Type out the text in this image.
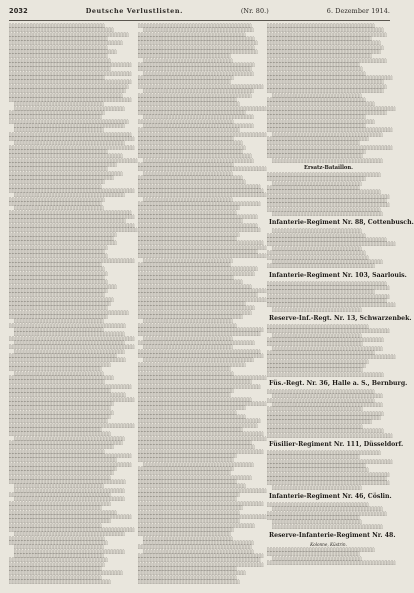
2032	Deutsche Verlustlisten.	(Nr. 80.)	6. Dezember 1914.
░░░░░░░░░░░░░░░░░░░░░░░░░░░░░░░░
░░░░░░░░░░░░░░░░░░░░░░░░░░░░░░░░░░░
░░░░░░░░░░░░░░░░░░░░░░░░░░░░░░░░░░░░░░░░
░░░░░░░░░░░░░░░░░░░░░░░░░░░░░░░░░
░░░░░░░░░░░░░░░░░░░░░░░░░░░░░░░░░░░░░░
░░░░░░░░░░░░░░░░░░░░░░░░░░░░░░░░░
░░░░░░░░░░░░░░░░░░░░░░░░░░░░░░░░░░░░
░░░░░░░░░░░░░░░░░░░░░░░░░░░░░░░░░
░░░░░░░░░░░░░░░░░░░░░░░░░░░░░░░░░░
░░░░░░░░░░░░░░░░░░░░░░░░░░░░░░░░░░░░░░░░░
░░░░░░░░░░░░░░░░░░░░░░░░░░░░░░░░░░
░░░░░░░░░░░░░░░░░░░░░░░░░░░░░░░░░░░░░░░░░
░░░░░░░░░░░░░░░░░░░░░░░░░░░░░░░░
░░░░░░░░░░░░░░░░░░░░░░░░░░░░░░░░░░░░░░░░░
░░░░░░░░░░░░░░░░░░░░░░░░░░░░░░░░░░░░░░░░
░░░░░░░░░░░░░░░░░░░░░░░░░░░░░░░░░░░░░░░
░░░░░░░░░░░░░░░░░░░░░░░░░░░░░░░░░░░░░░
░░░░░░░░░░░░░░░░░░░░░░░░░░░░░░░░░░░░░░░░░
░░░░░░░░░░░░░░░░░░░░░░░░░░░░░░
░░░░░░░░░░░░░░░░░░░░░░░░░░░░░░░░░░░░░
░░░░░░░░░░░░░░░░░░░░░░░░░░░░░░░░
░░░░░░░░░░░░░░░░░░░░░░░░░░░░░░░
░░░░░░░░░░░░░░░░░░░░░░░░░░░░░░░░░░░░░░░░
░░░░░░░░░░░░░░░░░░░░░░░░░░░░░░░░░░░░░
░░░░░░░░░░░░░░░░░░░░░░░░░░░░░░
░░░░░░░░░░░░░░░░░░░░░░░░░░░░░░░░░░░░░░░░░
░░░░░░░░░░░░░░░░░░░░░░░░░░░░░░░░░░░░░░░░░░
░░░░░░░░░░░░░░░░░░░░░░░░░░░░░░░░░░░░░
░░░░░░░░░░░░░░░░░░░░░░░░░░░░░░░░░░░░░░░░░░
░░░░░░░░░░░░░░░░░░░░░░░░░░░░░░░░░
░░░░░░░░░░░░░░░░░░░░░░░░░░░░░░░░░░░░░░
░░░░░░░░░░░░░░░░░░░░░░░░░░░░░░░░░░░░░░░░░░░
░░░░░░░░░░░░░░░░░░░░░░░░░░░░░░░░░░░░
░░░░░░░░░░░░░░░░░░░░░░░░░░░░░░░░░
░░░░░░░░░░░░░░░░░░░░░░░░░░░░░░░░░░░░░░
░░░░░░░░░░░░░░░░░░░░░░░░░░░░░░░░░░░
░░░░░░░░░░░░░░░░░░░░░░░░░░░░░░░░
░░░░░░░░░░░░░░░░░░░░░░░░░░░░░░░
░░░░░░░░░░░░░░░░░░░░░░░░░░░░░░░░░░░░░░░░░░
░░░░░░░░░░░░░░░░░░░░░░░░░░░░░░░░░░░░░
░░░░░░░░░░░░░░░░░░░░░░░░░░░░░░░░
░░░░░░░░░░░░░░░░░░░░░░░░░░░░░░░
░░░░░░░░░░░░░░░░░░░░░░░░░░░░░░
░░░░░░░░░░░░░░░░░░░░░░░░░░░░░░░░░░░░░░░░░
░░░░░░░░░░░░░░░░░░░░░░░░░░░░░░░░░░░░░░░░░░
░░░░░░░░░░░░░░░░░░░░░░░░░░░░░░░░░░░░░░░
░░░░░░░░░░░░░░░░░░░░░░░░░░░░░░░░░░░░░░░░░░
░░░░░░░░░░░░░░░░░░░░░░░░░░░░░░░░░░░░░░░░░░░
░░░░░░░░░░░░░░░░░░░░░░░░░░░░░░░░░░░░
░░░░░░░░░░░░░░░░░░░░░░░░░░░░░░░░░░░
░░░░░░░░░░░░░░░░░░░░░░░░░░░░░░░░░░░░
░░░░░░░░░░░░░░░░░░░░░░░░░░░░░░░░░
░░░░░░░░░░░░░░░░░░░░░░░░░░░░░░░░
░░░░░░░░░░░░░░░░░░░░░░░░░░░░░░░░░
░░░░░░░░░░░░░░░░░░░░░░░░░░░░░░░░░░░░░░░░░░
░░░░░░░░░░░░░░░░░░░░░░░░░░░░░░░
░░░░░░░░░░░░░░░░░░░░░░░░░░░░░░░░
░░░░░░░░░░░░░░░░░░░░░░░░░░░░░░░░░
░░░░░░░░░░░░░░░░░░░░░░░░░░░░░░░░
░░░░░░░░░░░░░░░░░░░░░░░░░░░░░░░░░
░░░░░░░░░░░░░░░░░░░░░░░░░░░░░░░░░░░░
░░░░░░░░░░░░░░░░░░░░░░░░░░░░░░░░░
░░░░░░░░░░░░░░░░░░░░░░░░░░░░░░░░
░░░░░░░░░░░░░░░░░░░░░░░░░░░░░░░░░░░
░░░░░░░░░░░░░░░░░░░░░░░░░░░░░░░░░░
░░░░░░░░░░░░░░░░░░░░░░░░░░░░░░░░░
░░░░░░░░░░░░░░░░░░░░░░░░░░░░░░░░░░░░░░░░
░░░░░░░░░░░░░░░░░░░░░░░░░░░░░░░░░
░░░░░░░░░░░░░░░░░░░░░░░░░░░░░░
░░░░░░░░░░░░░░░░░░░░░░░░░░░░░░░░░░░░░░░
░░░░░░░░░░░░░░░░░░░░░░░░░░░░░░
░░░░░░░░░░░░░░░░░░░░░░░░░░░░░░░░░░░░░
░░░░░░░░░░░░░░░░░░░░░░░░░░░░░░░░░░░░░░░░░░
░░░░░░░░░░░░░░░░░░░░░░░░░░░░░░░░░░░░░
░░░░░░░░░░░░░░░░░░░░░░░░░░░░░░░░░░░░░░░░░░
░░░░░░░░░░░░░░░░░░░░░░░░░░░░░░░░░░░░░
░░░░░░░░░░░░░░░░░░░░░░░░░░░░░░░░░░░░
░░░░░░░░░░░░░░░░░░░░░░░░░░░░░░░░░░░░░░░
░░░░░░░░░░░░░░░░░░░░░░░░░░░░░░░░░░
░░░░░░░░░░░░░░░░░░░░░░░░░░░░░░░
░░░░░░░░░░░░░░░░░░░░░░░░░░░░░░
░░░░░░░░░░░░░░░░░░░░░░░░░░░░░░░░░░░
░░░░░░░░░░░░░░░░░░░░░░░░░░░░░░░░
░░░░░░░░░░░░░░░░░░░░░░░░░░░░░░░░░░░░░░░░░
░░░░░░░░░░░░░░░░░░░░░░░░░░░░░░░░░░
░░░░░░░░░░░░░░░░░░░░░░░░░░░░░░░░░░░░░░░
░░░░░░░░░░░░░░░░░░░░░░░░░░░░░░░░░░░░░░░░░░
░░░░░░░░░░░░░░░░░░░░░░░░░░░░░░░░░░░
░░░░░░░░░░░░░░░░░░░░░░░░░░░░░░░░░░
░░░░░░░░░░░░░░░░░░░░░░░░░░░░░░░░░░░
░░░░░░░░░░░░░░░░░░░░░░░░░░░░░░░░░░
░░░░░░░░░░░░░░░░░░░░░░░░░░░░░░░░░
░░░░░░░░░░░░░░░░░░░░░░░░░░░░░░░░░░░░░░░░░░
░░░░░░░░░░░░░░░░░░░░░░░░░░░░░░░
░░░░░░░░░░░░░░░░░░░░░░░░░░░░░░░░░░
░░░░░░░░░░░░░░░░░░░░░░░░░░░░░░░░░░░░░
░░░░░░░░░░░░░░░░░░░░░░░░░░░░░░░░░░░░░░
░░░░░░░░░░░░░░░░░░░░░░░░░░░░░░░░░░░
░░░░░░░░░░░░░░░░░░░░░░░░░░░░░░░░
░░░░░░░░░░░░░░░░░░░░░░░░░░░░░░░░░░░░░░░░░
░░░░░░░░░░░░░░░░░░░░░░░░░░░░░░░░░░░░
░░░░░░░░░░░░░░░░░░░░░░░░░░░░░░░░░░░░░░░░░
░░░░░░░░░░░░░░░░░░░░░░░░░░░░░░░░░░░░
░░░░░░░░░░░░░░░░░░░░░░░░░░░░░░░░░░░
░░░░░░░░░░░░░░░░░░░░░░░░░░░░░░░░░░
░░░░░░░░░░░░░░░░░░░░░░░░░░░░░░░░░░░░░░░
░░░░░░░░░░░░░░░░░░░░░░░░░░░░░░
░░░░░░░░░░░░░░░░░░░░░░░░░░░░░░░░░░░░░
░░░░░░░░░░░░░░░░░░░░░░░░░░░░░░░░░░
░░░░░░░░░░░░░░░░░░░░░░░░░░░░░░░░░░░░░
░░░░░░░░░░░░░░░░░░░░░░░░░░░░░░░░░░
░░░░░░░░░░░░░░░░░░░░░░░░░░░░░░░
░░░░░░░░░░░░░░░░░░░░░░░░░░░░░░░░░░░░
░░░░░░░░░░░░░░░░░░░░░░░░░░░░░░░░░░░░░░░░░
░░░░░░░░░░░░░░░░░░░░░░░░░░░░░░░░░░
░░░░░░░░░░░░░░░░░░░░░░░░░░░░░░░
░░░░░░░░░░░░░░░░░░░░░░░░░░░░░░░░░░░░░░░░░░
░░░░░░░░░░░░░░░░░░░░░░░░░░░░░░░░░░░░░
░░░░░░░░░░░░░░░░░░░░░░░░░░░░░░░░
░░░░░░░░░░░░░░░░░░░░░░░░░░░░░░░░░
░░░░░░░░░░░░░░░░░░░░░░░░░░░░░░
░░░░░░░░░░░░░░░░░░░░░░░░░░░░░░░░░░░░░
░░░░░░░░░░░░░░░░░░░░░░░░░░░░░░
░░░░░░░░░░░░░░░░░░░░░░░░░░░░░░░░░
░░░░░░░░░░░░░░░░░░░░░░░░░░░░░░░░
░░░░░░░░░░░░░░░░░░░░░░░░░░░░░░░
░░░░░░░░░░░░░░░░░░░░░░░░░░░░░░░░░░░░░░
░░░░░░░░░░░░░░░░░░░░░░░░░░░░░░░
░░░░░░░░░░░░░░░░░░░░░░░░░░░░░░░░░░
░░░░░░░░░░░░░░░░░░░░░░░░░░░░░░░░░░░░░░
░░░░░░░░░░░░░░░░░░░░░░░░░░░░░░░░░░░░░
░░░░░░░░░░░░░░░░░░░░░░░░░░░░░░░░░░░░
░░░░░░░░░░░░░░░░░░░░░░░░░░░░░░░░░░░░░░░
░░░░░░░░░░░░░░░░░░░░░░░░░░░░░░░░░░░░░░░░
░░░░░░░░░░░░░░░░░░░░░░░░░░░░░░░░░░░░░░░
░░░░░░░░░░░░░░░░░░░░░░░░░░░░░░░░░░░░░░░░
░░░░░░░░░░░░░░░░░░░░░░░░░░░░░░░
░░░░░░░░░░░░░░░░░░░░░░░░░░░░░░
░░░░░░░░░░░░░░░░░░░░░░░░░░░░░░░░░░░░░░░
░░░░░░░░░░░░░░░░░░░░░░░░░░░░░░░░░░░░░░
░░░░░░░░░░░░░░░░░░░░░░░░░░░░░░░░░░░░░
░░░░░░░░░░░░░░░░░░░░░░░░░░░░░░░░
░░░░░░░░░░░░░░░░░░░░░░░░░░░░░░░
░░░░░░░░░░░░░░░░░░░░░░░░░░░░░░░░░░░░░░░░░░
░░░░░░░░░░░░░░░░░░░░░░░░░░░░░░░░░░░░░
░░░░░░░░░░░░░░░░░░░░░░░░░░░░░░░░░░░░░░
░░░░░░░░░░░░░░░░░░░░░░░░░░░░░░░░░
░░░░░░░░░░░░░░░░░░░░░░░░░░░░░░░░░░
░░░░░░░░░░░░░░░░░░░░░░░░░░░░░░░░░░░░░░░░░░░
░░░░░░░░░░░░░░░░░░░░░░░░░░░░░░░░░░░░
░░░░░░░░░░░░░░░░░░░░░░░░░░░░░░░░░░░░░
░░░░░░░░░░░░░░░░░░░░░░░░░░░░░░░░
░░░░░░░░░░░░░░░░░░░░░░░░░░░░░░░░░░░░░
░░░░░░░░░░░░░░░░░░░░░░░░░░░░░░░░░░
░░░░░░░░░░░░░░░░░░░░░░░░░░░░░░░░░░░░░░░░░░░
░░░░░░░░░░░░░░░░░░░░░░░░░░░░░░░░
░░░░░░░░░░░░░░░░░░░░░░░░░░░░░░░░░░░
░░░░░░░░░░░░░░░░░░░░░░░░░░░░░░░░░░░░
░░░░░░░░░░░░░░░░░░░░░░░░░░░░░░░░░░░
░░░░░░░░░░░░░░░░░░░░░░░░░░░░░░░░░░░░░░
░░░░░░░░░░░░░░░░░░░░░░░░░░░░░░░░░░░░░
░░░░░░░░░░░░░░░░░░░░░░░░░░░░░░░░
░░░░░░░░░░░░░░░░░░░░░░░░░░░░░░░░░░░░░░░░░░░
░░░░░░░░░░░░░░░░░░░░░░░░░░░░░░
░░░░░░░░░░░░░░░░░░░░░░░░░░░░░░░░░░░
░░░░░░░░░░░░░░░░░░░░░░░░░░░░░░░░░░░░
░░░░░░░░░░░░░░░░░░░░░░░░░░░░░░░░░░░░░░░░░
░░░░░░░░░░░░░░░░░░░░░░░░░░░░░░░░░░░░░░░░░░
░░░░░░░░░░░░░░░░░░░░░░░░░░░░░░░░░░░░░░░░░░░
░░░░░░░░░░░░░░░░░░░░░░░░░░░░░░
░░░░░░░░░░░░░░░░░░░░░░░░░░░░░░░░░░░░░░░░░
░░░░░░░░░░░░░░░░░░░░░░░░░░░░░░░░░░
░░░░░░░░░░░░░░░░░░░░░░░░░░░░░░░░░
░░░░░░░░░░░░░░░░░░░░░░░░░░░░░░░░░░░░░░░░
░░░░░░░░░░░░░░░░░░░░░░░░░░░░░░░░░░░
░░░░░░░░░░░░░░░░░░░░░░░░░░░░░░░░░░░░░░░░
░░░░░░░░░░░░░░░░░░░░░░░░░░░░░░░░░░░░░░░░░
░░░░░░░░░░░░░░░░░░░░░░░░░░░░░░░░░░
░░░░░░░░░░░░░░░░░░░░░░░░░░░░░░░░░
░░░░░░░░░░░░░░░░░░░░░░░░░░░░░░░░░░░░░░░░░░
░░░░░░░░░░░░░░░░░░░░░░░░░░░░░░░░░░░░░░░░░░░
░░░░░░░░░░░░░░░░░░░░░░░░░░░░░░░░░░░░░░░░
░░░░░░░░░░░░░░░░░░░░░░░░░░░░░░░░░░░░░░░░░░░
░░░░░░░░░░░░░░░░░░░░░░░░░░░░░░
░░░░░░░░░░░░░░░░░░░░░░░░░░░░░░░
░░░░░░░░░░░░░░░░░░░░░░░░░░░░░░░░░░░░░░░░
░░░░░░░░░░░░░░░░░░░░░░░░░░░░░░░░░░░░░░░
░░░░░░░░░░░░░░░░░░░░░░░░░░░░░░░░
░░░░░░░░░░░░░░░░░░░░░░░░░░░░░░░░░░░
░░░░░░░░░░░░░░░░░░░░░░░░░░░░░░░░░░░░░░
░░░░░░░░░░░░░░░░░░░░░░░░░░░░░░░░░░░░░░░░░░░
░░░░░░░░░░░░░░░░░░░░░░░░░░░░░░░░░░░░░░░░
░░░░░░░░░░░░░░░░░░░░░░░░░░░░░░░░░░░░░░░░░░░
░░░░░░░░░░░░░░░░░░░░░░░░░░░░░░░░░░░░
░░░░░░░░░░░░░░░░░░░░░░░░░░░░░░░░░░░░░░░
░░░░░░░░░░░░░░░░░░░░░░░░░░░░░░░░░░░░░░
░░░░░░░░░░░░░░░░░░░░░░░░░░░░░░░░░░░
░░░░░░░░░░░░░░░░░░░░░░░░░░░░░░
░░░░░░░░░░░░░░░░░░░░░░░░░░░░░░░░░
░░░░░░░░░░░░░░░░░░░░░░░░░░░░░░░░░░░░░░░░░░
░░░░░░░░░░░░░░░░░░░░░░░░░░░░░░░░░░░░░░░░░
░░░░░░░░░░░░░░░░░░░░░░░░░░░░░░
░░░░░░░░░░░░░░░░░░░░░░░░░░░░░░░░░░░░░░░
░░░░░░░░░░░░░░░░░░░░░░░░░░░░░░
░░░░░░░░░░░░░░░░░░░░░░░░░░░░░░░░░░░░░░░░░
░░░░░░░░░░░░░░░░░░░░░░░░░░░░░░░░░░░░░░░░░░
░░░░░░░░░░░░░░░░░░░░░░░░░░░░░░░░░░░░░
░░░░░░░░░░░░░░░░░░░░░░░░░░░░░░░░░░░░
░░░░░░░░░░░░░░░░░░░░░░░░░░░░░░░
░░░░░░░░░░░░░░░░░░░░░░░░░░░░░░░░
░░░░░░░░░░░░░░░░░░░░░░░░░░░░░░░░░░░░░░░░░░░
░░░░░░░░░░░░░░░░░░░░░░░░░░░░░░░░░░░░░░
░░░░░░░░░░░░░░░░░░░░░░░░░░░░░░░░░░░░░░░░░
░░░░░░░░░░░░░░░░░░░░░░░░░░░░░░░░
░░░░░░░░░░░░░░░░░░░░░░░░░░░░░░░
░░░░░░░░░░░░░░░░░░░░░░░░░░░░░░░░░░░░░░
░░░░░░░░░░░░░░░░░░░░░░░░░░░░░░░░░░░░░░░░░░░
░░░░░░░░░░░░░░░░░░░░░░░░░░░░░░░░░░░░
░░░░░░░░░░░░░░░░░░░░░░░░░░░░░░░░░
░░░░░░░░░░░░░░░░░░░░░░░░░░░░░░░░░░░░
░░░░░░░░░░░░░░░░░░░░░░░░░░░░░░░░░░░░░░░░░
░░░░░░░░░░░░░░░░░░░░░░░░░░░░░░░░░░░░░░░░
░░░░░░░░░░░░░░░░░░░░░░░░░░░░░░░░░░░
░░░░░░░░░░░░░░░░░░░░░░░░░░░░░░░░░░░░░░░░░░
░░░░░░░░░░░░░░░░░░░░░░░░░░░░░░░░░░░░░░░░░░░
░░░░░░░░░░░░░░░░░░░░░░░░░░░░░░░░░░░░░░
░░░░░░░░░░░░░░░░░░░░░░░░░░░░░░░░░░░░░░░
░░░░░░░░░░░░░░░░░░░░░░░░░░░░░░░░░░░░░░░░░░
░░░░░░░░░░░░░░░░░░░░░░░░░░░░░░░░░
░░░░░░░░░░░░░░░░░░░░░░░░░░░░░░░░
░░░░░░░░░░░░░░░░░░░░░░░░░░░░░░░░░░░░░
░░░░░░░░░░░░░░░░░░░░░░░░░░░░░░░░
░░░░░░░░░░░░░░░░░░░░░░░░░░░░░░░
░░░░░░░░░░░░░░░░░░░░░░░░░░░░░░░░░░░░░░
░░░░░░░░░░░░░░░░░░░░░░░░░░░░░░░░░
░░░░░░░░░░░░░░░░░░░░░░░░░░░░░░░░░░░░
░░░░░░░░░░░░░░░░░░░░░░░░░░░░░░░░░░░░░░░░░░░
░░░░░░░░░░░░░░░░░░░░░░░░░░░░░░░░░░
░░░░░░░░░░░░░░░░░░░░░░░░░░░░░░░░░
░░░░░░░░░░░░░░░░░░░░░░░░░░░░░░░░░░░░░░░░░░
░░░░░░░░░░░░░░░░░░░░░░░░░░░░░░░░░░░
░░░░░░░░░░░░░░░░░░░░░░░░░░░░░░░░░░
░░░░░░░░░░░░░░░░░░░░░░░░░░░░░░░░░░░░░░░░░░░
░░░░░░░░░░░░░░░░░░░░░░░░░░░░░░░░░░
░░░░░░░░░░░░░░░░░░░░░░░░░░░░░░░░░░░░░░░
░░░░░░░░░░░░░░░░░░░░░░░░░░░░░░░░
░░░░░░░░░░░░░░░░░░░░░░░░░░░░░░░
░░░░░░░░░░░░░░░░░░░░░░░░░░░░░░
░░░░░░░░░░░░░░░░░░░░░░░░░░░░░░░░░░░░░
░░░░░░░░░░░░░░░░░░░░░░░░░░░░░░░░░░░░░░
░░░░░░░░░░░░░░░░░░░░░░░░░░░░░░░░░░░░░
░░░░░░░░░░░░░░░░░░░░░░░░░░░░░░░░░░░░░░░░░░
░░░░░░░░░░░░░░░░░░░░░░░░░░░░░░░░░░░░░░░░░
░░░░░░░░░░░░░░░░░░░░░░░░░░░░░░░░░░░░░░░░░░
░░░░░░░░░░░░░░░░░░░░░░░░░░░░░░░░░
░░░░░░░░░░░░░░░░░░░░░░░░░░░░░░░░░░░░
░░░░░░░░░░░░░░░░░░░░░░░░░░░░░░░░░
░░░░░░░░░░░░░░░░░░░░░░░░░░░░░░░░░░
░░░░░░░░░░░░░░░░░░░░░░░░░░░░░░░░░░░░
░░░░░░░░░░░░░░░░░░░░░░░░░░░░░░░░░░░░░░░
░░░░░░░░░░░░░░░░░░░░░░░░░░░░░░░░░░░░░░░░
░░░░░░░░░░░░░░░░░░░░░░░░░░░░░░░░░░░
░░░░░░░░░░░░░░░░░░░░░░░░░░░░░░░░░░░░░░
░░░░░░░░░░░░░░░░░░░░░░░░░░░░░░░░░░░░░░░
░░░░░░░░░░░░░░░░░░░░░░░░░░░░░░░░░░░░░░
░░░░░░░░░░░░░░░░░░░░░░░░░░░░░░░░░░░
░░░░░░░░░░░░░░░░░░░░░░░░░░░░░░░░░░░░░░░░
░░░░░░░░░░░░░░░░░░░░░░░░░░░░░░░
░░░░░░░░░░░░░░░░░░░░░░░░░░░░░░░░
░░░░░░░░░░░░░░░░░░░░░░░░░░░░░░░░░
░░░░░░░░░░░░░░░░░░░░░░░░░░░░░░░░░░░░░░░░░░
░░░░░░░░░░░░░░░░░░░░░░░░░░░░░░░░░░░░░░░
░░░░░░░░░░░░░░░░░░░░░░░░░░░░░░░░░░░░░░░░
░░░░░░░░░░░░░░░░░░░░░░░░░░░░░░░░░░░░░░░
░░░░░░░░░░░░░░░░░░░░░░░░░░░░░░
░░░░░░░░░░░░░░░░░░░░░░░░░░░░░░░░░
░░░░░░░░░░░░░░░░░░░░░░░░░░░░░░░░░░░░
░░░░░░░░░░░░░░░░░░░░░░░░░░░░░░░░░░░░░░░░░░░
░░░░░░░░░░░░░░░░░░░░░░░░░░░░░░░░░░░░░░░░
░░░░░░░░░░░░░░░░░░░░░░░░░░░░░░░░░
░░░░░░░░░░░░░░░░░░░░░░░░░░░░░░░░░░░░
░░░░░░░░░░░░░░░░░░░░░░░░░░░░░░░░░
░░░░░░░░░░░░░░░░░░░░░░░░░░░░░░░░░░░░░░░░░░
░░░░░░░░░░░░░░░░░░░░░░░░░░░░░░░░░░░░░
░░░░░░░░░░░░░░░░░░░░░░░░░░░░░░░░░░
░░░░░░░░░░░░░░░░░░░░░░░░░░░░░░░
░░░░░░░░░░░░░░░░░░░░░░░░░░░░░░░░░░░░░░░░░░
░░░░░░░░░░░░░░░░░░░░░░░░░░░░░░░░░
░░░░░░░░░░░░░░░░░░░░░░░░░░░░░░░░
░░░░░░░░░░░░░░░░░░░░░░░░░░░░░░░░░░░░░
Ersatz-Bataillon.
░░░░░░░░░░░░░░░░░░░░░░░░░░░░░░░░░░░░░░
░░░░░░░░░░░░░░░░░░░░░░░░░░░░░░░░░
░░░░░░░░░░░░░░░░░░░░░░░░░░░░░░
░░░░░░░░░░░░░░░░░░░░░░░░░░░░░░░
░░░░░░░░░░░░░░░░░░░░░░░░░░░░░░░░░░░░░░
░░░░░░░░░░░░░░░░░░░░░░░░░░░░░░░░░░░░░░░░░
░░░░░░░░░░░░░░░░░░░░░░░░░░░░░░░░░░░░░░░░
░░░░░░░░░░░░░░░░░░░░░░░░░░░░░░░░░░░░░░░░░
░░░░░░░░░░░░░░░░░░░░░░░░░░░░░░░░░░░░░░
░░░░░░░░░░░░░░░░░░░░░░░░░░░░░░░░░░░░░
Infanterie-Regiment Nr. 88, Cottenbusch.
░░░░░░░░░░░░░░░░░░░░░░░░░░░░░░
░░░░░░░░░░░░░░░░░░░░░░░░░░░░░░░░░
░░░░░░░░░░░░░░░░░░░░░░░░░░░░░░░░░░░░░░░░
░░░░░░░░░░░░░░░░░░░░░░░░░░░░░░░░░░░░░░░░░░░
░░░░░░░░░░░░░░░░░░░░░░░░░░░░░░
░░░░░░░░░░░░░░░░░░░░░░░░░░░░░░░░░
░░░░░░░░░░░░░░░░░░░░░░░░░░░░░░░░░░
░░░░░░░░░░░░░░░░░░░░░░░░░░░░░░░░░░░░░
░░░░░░░░░░░░░░░░░░░░░░░░░░░░░░░░░░░░
Infanterie-Regiment Nr. 103, Saarlouis.
░░░░░░░░░░░░░░░░░░░░░░░░░░░░░░░░░░░░░░░░
░░░░░░░░░░░░░░░░░░░░░░░░░░░░░░░░░░░░░░░░░
░░░░░░░░░░░░░░░░░░░░░░░░░░░░░░░░░░░░
░░░░░░░░░░░░░░░░░░░░░░░░░░░░░░░░░░░░░░░░░
░░░░░░░░░░░░░░░░░░░░░░░░░░░░░░░░░░░░░░░░
░░░░░░░░░░░░░░░░░░░░░░░░░░░░░░░░░░░░░░░░░░░
░░░░░░░░░░░░░░░░░░░░░░░░░░░░░░
Reserve-Inf.-Regt. Nr. 13, Schwarzenbek.
░░░░░░░░░░░░░░░░░░░░░░░░░░░░░░░░░░
░░░░░░░░░░░░░░░░░░░░░░░░░░░░░░░░░░░░░░░░░
░░░░░░░░░░░░░░░░░░░░░░░░░░░░░░
░░░░░░░░░░░░░░░░░░░░░░░░░░░░░░░░░░░░░░░
░░░░░░░░░░░░░░░░░░░░░░░░░░░░░░░░
░░░░░░░░░░░░░░░░░░░░░░░░░░░░░░░░░░░░░
░░░░░░░░░░░░░░░░░░░░░░░░░░░░░░░░░░░░
░░░░░░░░░░░░░░░░░░░░░░░░░░░░░░░░░░░░░░░░░░░
░░░░░░░░░░░░░░░░░░░░░░░░░░░░░░░░░░
░░░░░░░░░░░░░░░░░░░░░░░░░░░░░░░░░
░░░░░░░░░░░░░░░░░░░░░░░░░░░░░░░░
░░░░░░░░░░░░░░░░░░░░░░░░░░░░░░░░░░░░░░░
Füs.-Regt. Nr. 36, Halle a. S., Bernburg.
░░░░░░░░░░░░░░░░░░░░░░░░░░░░░░░░░░░░
░░░░░░░░░░░░░░░░░░░░░░░░░░░░░░░░░░░░░
░░░░░░░░░░░░░░░░░░░░░░░░░░░░░░░░░░░░
░░░░░░░░░░░░░░░░░░░░░░░░░░░░░░░░░░░░░
░░░░░░░░░░░░░░░░░░░░░░░░░░░░░░░░
░░░░░░░░░░░░░░░░░░░░░░░░░░░░░░░░░░░░░░░
░░░░░░░░░░░░░░░░░░░░░░░░░░░░░░░░░░░░░░
░░░░░░░░░░░░░░░░░░░░░░░░░░░░░░░░░░░
░░░░░░░░░░░░░░░░░░░░░░░░░░░░░░░░
░░░░░░░░░░░░░░░░░░░░░░░░░░░░░░░░░░░░░░░
░░░░░░░░░░░░░░░░░░░░░░░░░░░░░░░░░░░░░░░░░░
Füsilier-Regiment Nr. 111, Düsseldorf.
░░░░░░░░░░░░░░░░░░░░░░░░░░░░░░░░░░░░░░
░░░░░░░░░░░░░░░░░░░░░░░░░░░░░░░
░░░░░░░░░░░░░░░░░░░░░░░░░░░░░░░░░░░░░░░░░░
░░░░░░░░░░░░░░░░░░░░░░░░░░░░░░░░░
░░░░░░░░░░░░░░░░░░░░░░░░░░░░░░░░░░
░░░░░░░░░░░░░░░░░░░░░░░░░░░░░░░░░░░░░░░░░
░░░░░░░░░░░░░░░░░░░░░░░░░░░░░░░░░░░░░░░░
░░░░░░░░░░░░░░░░░░░░░░░░░░░░░░░░░░░░░░░░░
░░░░░░░░░░░░░░░░░░░░░░░░░░░░░░
Infanterie-Regiment Nr. 46, Cöslin.
░░░░░░░░░░░░░░░░░░░░░░░░░░░░░░░░░░
░░░░░░░░░░░░░░░░░░░░░░░░░░░░░░░░░░░░░
░░░░░░░░░░░░░░░░░░░░░░░░░░░░░░░░░░░░░░░░
░░░░░░░░░░░░░░░░░░░░░░░░░░░░░░░
░░░░░░░░░░░░░░░░░░░░░░░░░░░░░░
░░░░░░░░░░░░░░░░░░░░░░░░░░░░░░░░░░░░░
Reserve-Infanterie-Regiment Nr. 48.
Kolonne, Küstrin.
░░░░░░░░░░░░░░░░░░░░░░░░░░░░░░░░░░░░
░░░░░░░░░░░░░░░░░░░░░░░░░░░░░░░
░░░░░░░░░░░░░░░░░░░░░░░░░░░░░░
░░░░░░░░░░░░░░░░░░░░░░░░░░░░░░░░░░░░░░░░░░░
